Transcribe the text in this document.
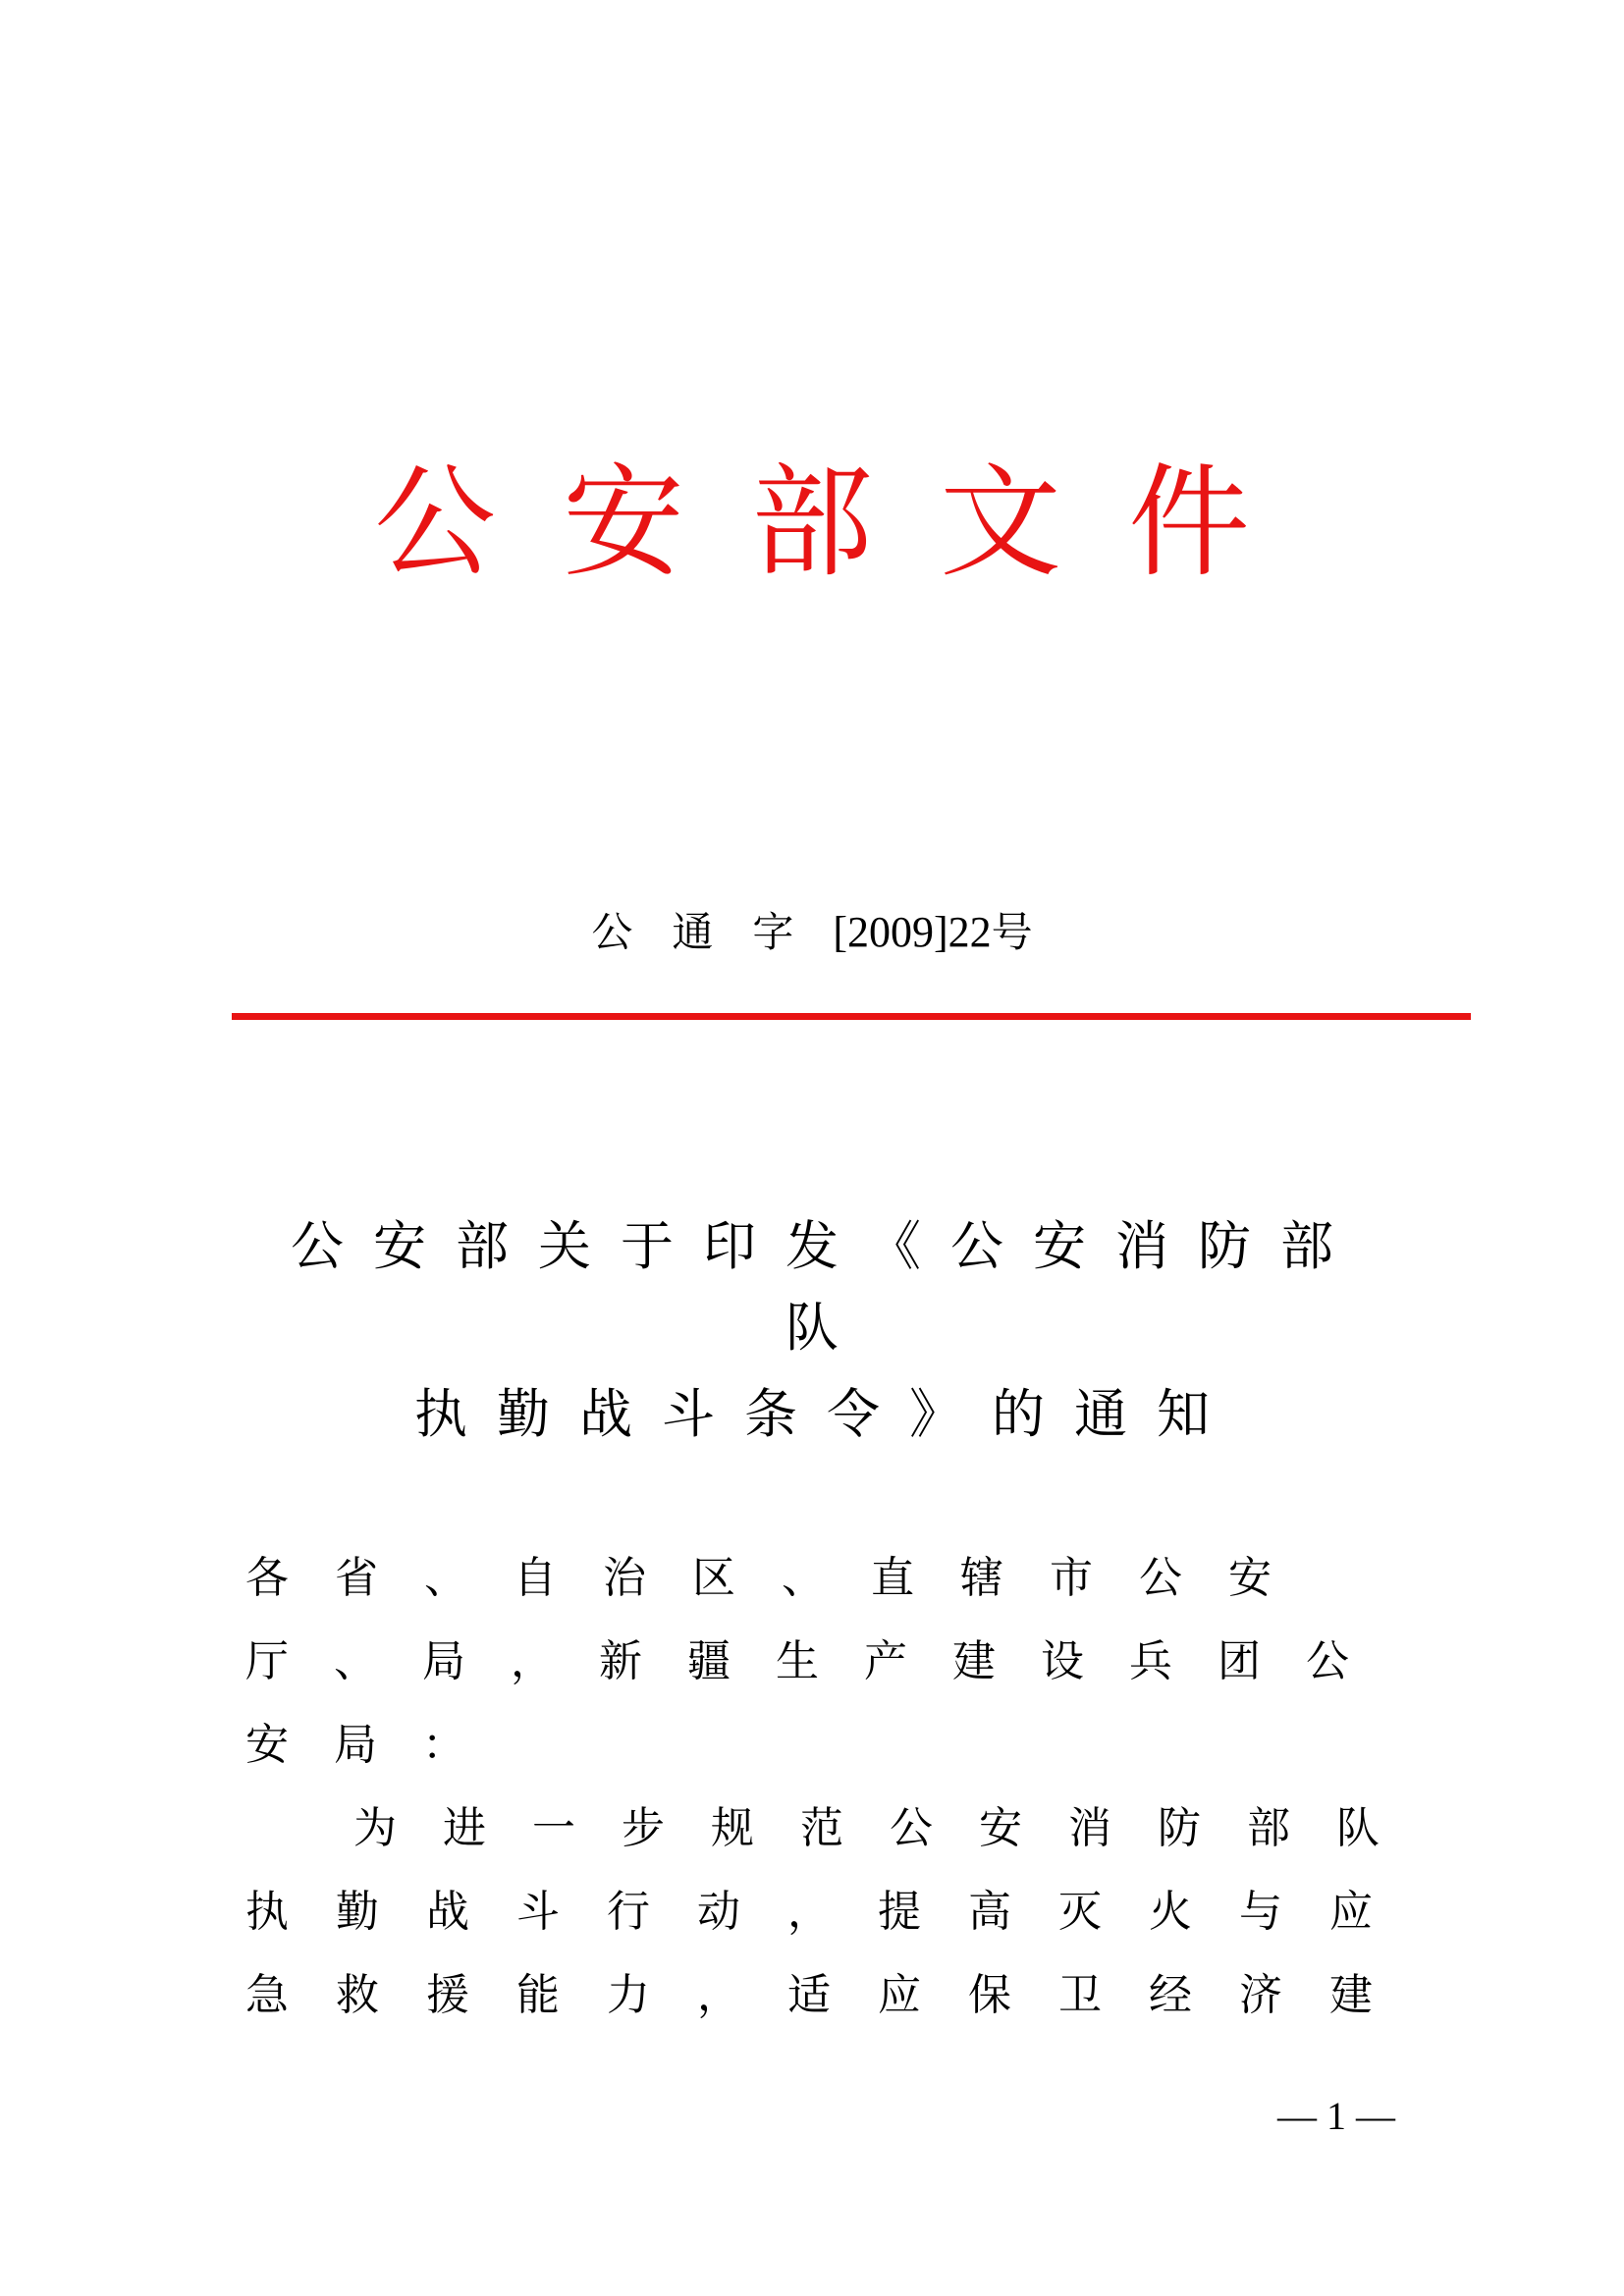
公安部文件
公通字[2009]22号
公安部关于印发《公安消防部
队
执勤战斗条令》的通知
各省、自治区、直辖市公安
厅、局，新疆生产建设兵团公
安局：
为进一步规范公安消防部队
执勤战斗行动，提高灭火与应
急救援能力，适应保卫经济建
— 1 —
